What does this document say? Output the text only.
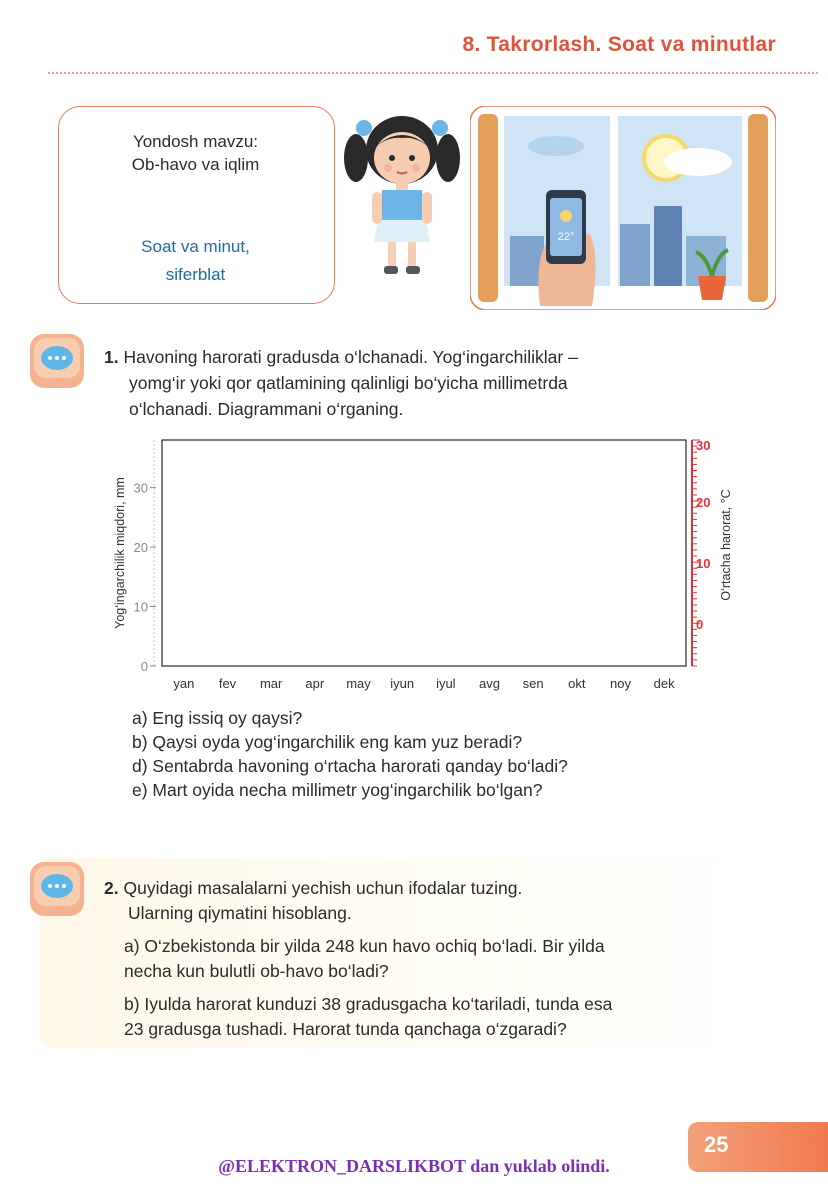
8. Takrorlash. Soat va minutlar
Yondosh mavzu:
Ob-havo va iqlim
Soat va minut,
siferblat
22°
1. Havoning harorati gradusda o‘lchanadi. Yog‘ingarchiliklar –
yomg‘ir yoki qor qatlamining qalinligi bo‘yicha millimetrda
o‘lchanadi. Diagrammani o‘rganing.
0
10
20
30
0
10
20
30
yan fev mar apr may iyun iyul avg sen okt noy dek
Yog‘ingarchilik miqdori, mm	O‘rtacha harorat, °C
a) Eng issiq oy qaysi?
b) Qaysi oyda yog‘ingarchilik eng kam yuz beradi?
d) Sentabrda havoning o‘rtacha harorati qanday bo‘ladi?
e) Mart oyida necha millimetr yog‘ingarchilik bo‘lgan?
2. Quyidagi masalalarni yechish uchun ifodalar tuzing.
Ularning qiymatini hisoblang.
a) O‘zbekistonda bir yilda 248 kun havo ochiq bo‘ladi. Bir yilda
necha kun bulutli ob-havo bo‘ladi?
b) Iyulda harorat kunduzi 38 gradusgacha ko‘tariladi, tunda esa
23 gradusga tushadi. Harorat tunda qanchaga o‘zgaradi?
25
@ELEKTRON_DARSLIKBOT dan yuklab olindi.
